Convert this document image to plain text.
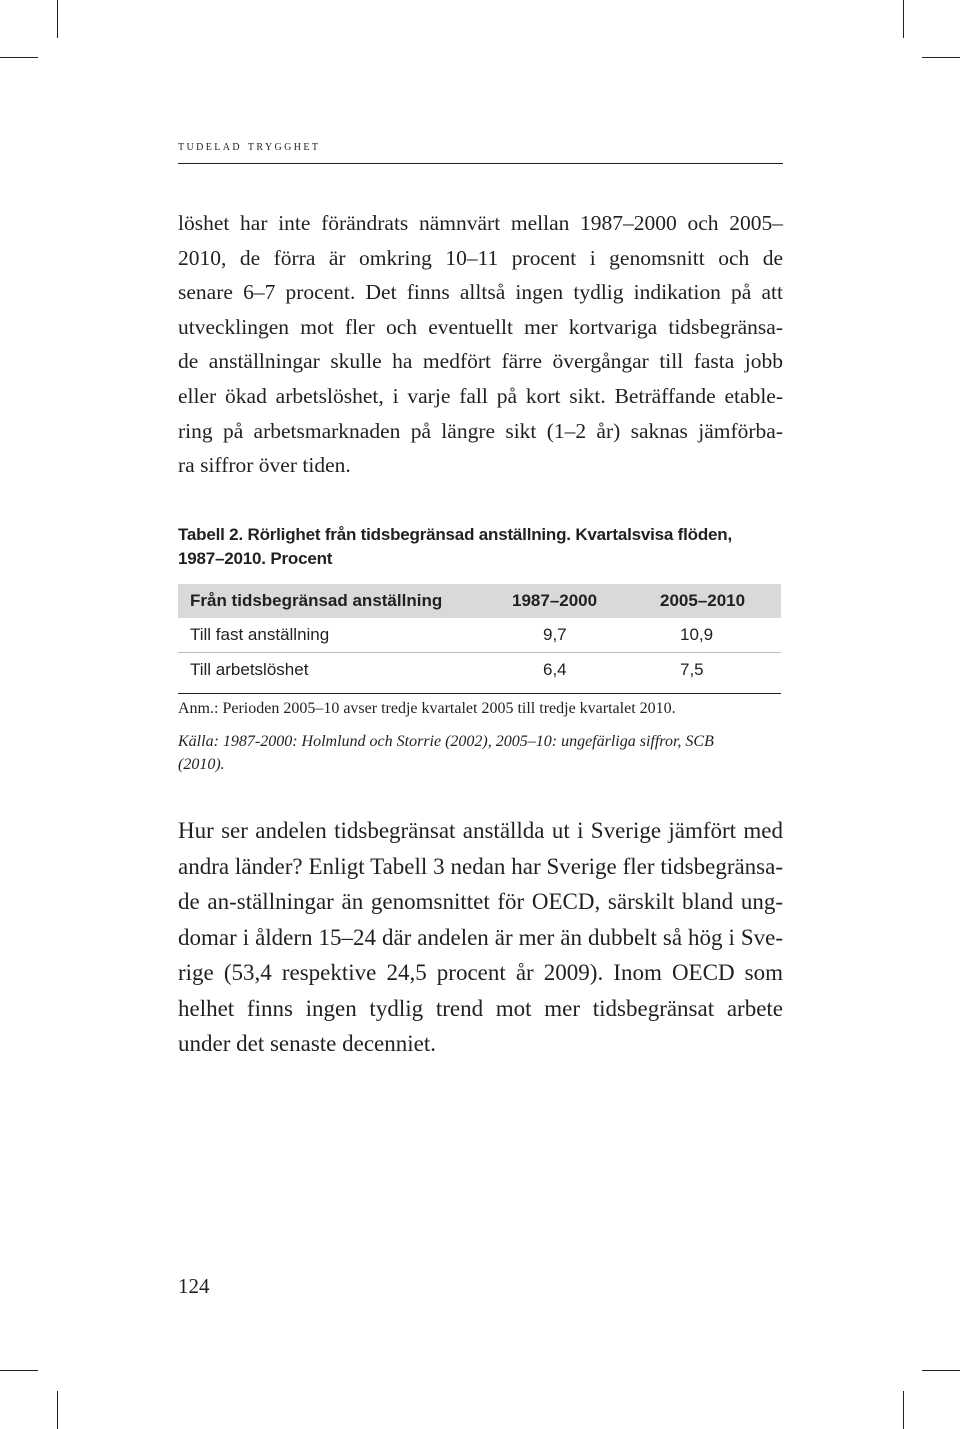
tudelad trygghet

löshet har inte förändrats nämnvärt mellan 1987–2000 och 2005–
2010, de förra är omkring 10–11 procent i genomsnitt och de
senare 6–7 procent. Det finns alltså ingen tydlig indikation på att
utvecklingen mot fler och eventuellt mer kortvariga tidsbegränsa-
de anställningar skulle ha medfört färre övergångar till fasta jobb
eller ökad arbetslöshet, i varje fall på kort sikt. Beträffande etable-
ring på arbetsmarknaden på längre sikt (1–2 år) saknas jämförba-
ra siffror över tiden.

Tabell 2. Rörlighet från tidsbegränsad anställning. Kvartalsvisa flöden,
1987–2010. Procent
Från tidsbegränsad anställning	1987–2000	2005–2010
Till fast anställning	9,7	10,9
Till arbetslöshet	6,4	7,5
Anm.: Perioden 2005–10 avser tredje kvartalet 2005 till tredje kvartalet 2010.
Källa: 1987-2000: Holmlund och Storrie (2002), 2005–10: ungefärliga siffror, SCB
(2010).

Hur ser andelen tidsbegränsat anställda ut i Sverige jämfört med
andra länder? Enligt Tabell 3 nedan har Sverige fler tidsbegränsa-
de an-ställningar än genomsnittet för OECD, särskilt bland ung-
domar i åldern 15–24 där andelen är mer än dubbelt så hög i Sve-
rige (53,4 respektive 24,5 procent år 2009). Inom OECD som
helhet finns ingen tydlig trend mot mer tidsbegränsat arbete
under det senaste decenniet.

124
